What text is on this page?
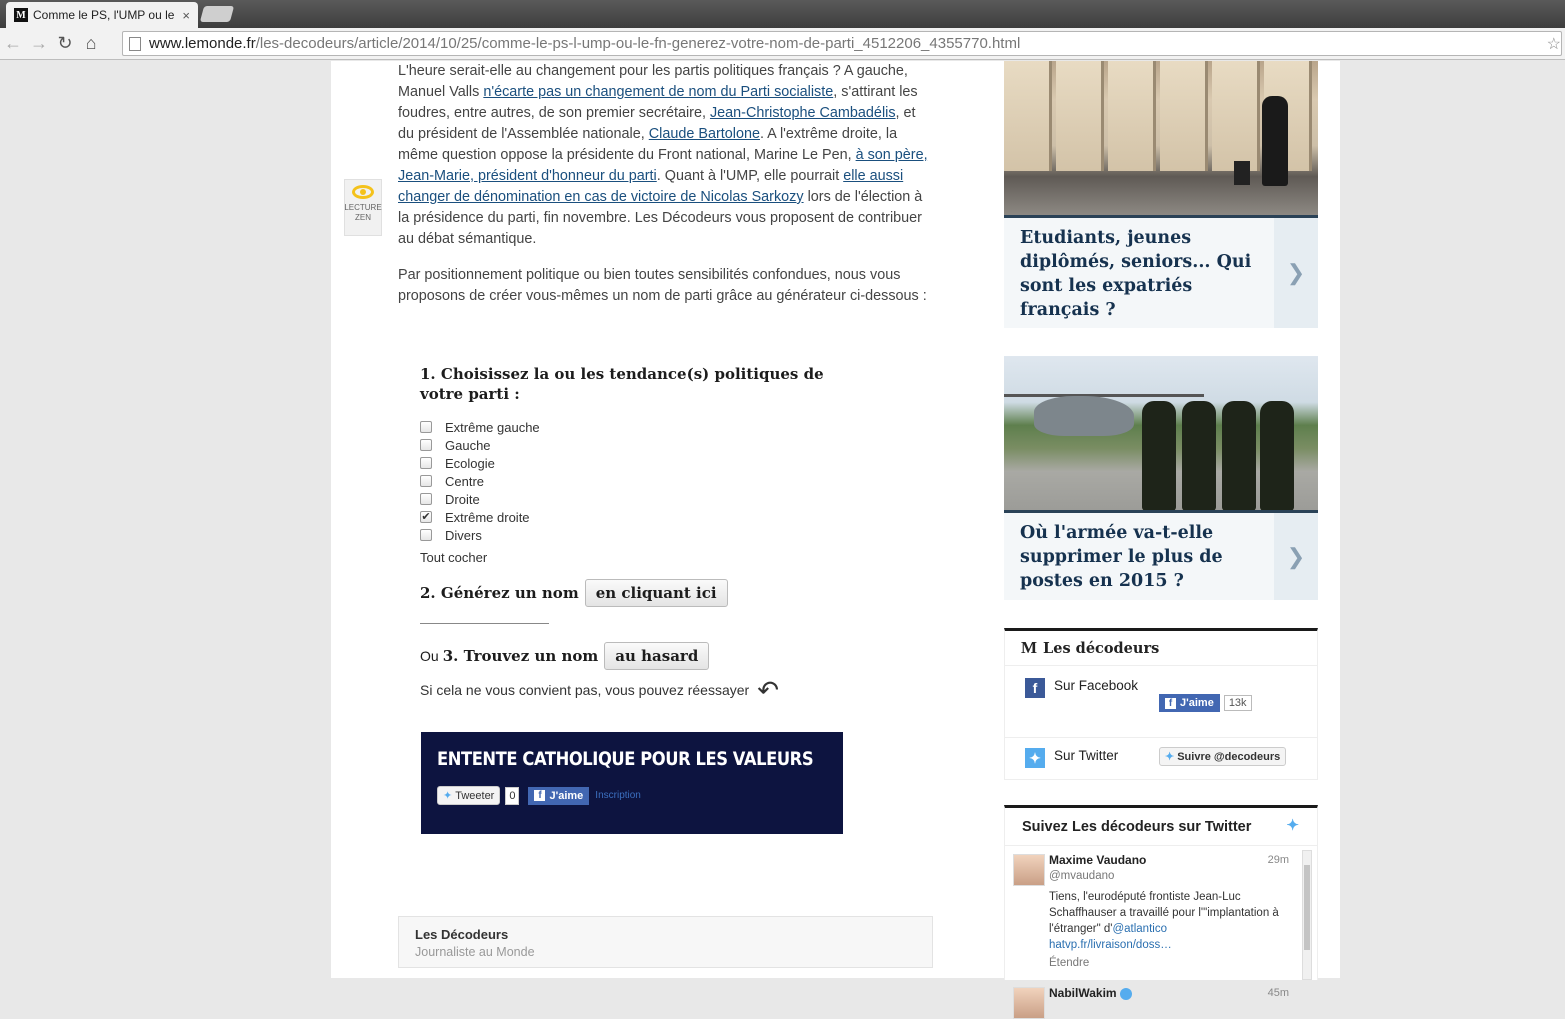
M Comme le PS, l'UMP ou le ×
← → ↻ ⌂	www.lemonde.fr /les-decodeurs/article/2014/10/25/comme-le-ps-l-ump-ou-le-fn-generez-votre-nom-de-parti_4512206_4355770.html	☆
LECTURE
ZEN

L'heure serait-elle au changement pour les partis politiques français ? A gauche, Manuel Valls n'écarte pas un changement de nom du Parti socialiste, s'attirant les foudres, entre autres, de son premier secrétaire, Jean-Christophe Cambadélis, et du président de l'Assemblée nationale, Claude Bartolone. A l'extrême droite, la même question oppose la présidente du Front national, Marine Le Pen, à son père, Jean-Marie, président d'honneur du parti. Quant à l'UMP, elle pourrait elle aussi changer de dénomination en cas de victoire de Nicolas Sarkozy lors de l'élection à la présidence du parti, fin novembre. Les Décodeurs vous proposent de contribuer au débat sémantique.

Par positionnement politique ou bien toutes sensibilités confondues, nous vous proposons de créer vous-mêmes un nom de parti grâce au générateur ci-dessous :

1. Choisissez la ou les tendance(s) politiques de votre parti :
Extrême gauche
Gauche
Ecologie
Centre
Droite
✔ Extrême droite
Divers
Tout cocher
2. Générez un nom	en cliquant ici
Ou 3. Trouvez un nom	au hasard
Si cela ne vous convient pas, vous pouvez réessayer ↶
ENTENTE CATHOLIQUE POUR LES VALEURS
✦ Tweeter	0	f J'aime Inscription
Les Décodeurs
Journaliste au Monde
Etudiants, jeunes diplômés, seniors... Qui sont les expatriés français ?
❯
Où l'armée va-t-elle supprimer le plus de postes en 2015 ?
❯
M Les décodeurs
f	Sur Facebook
f J'aime	13k
✦ Sur Twitter	✦ Suivre @decodeurs
Suivez Les décodeurs sur Twitter ✦
Maxime Vaudano
@mvaudano
29m
Tiens, l'eurodéputé frontiste Jean-Luc Schaffhauser a travaillé pour l'"implantation à l'étranger" d'@atlantico hatvp.fr/livraison/doss…
Étendre
NabilWakim	45m
